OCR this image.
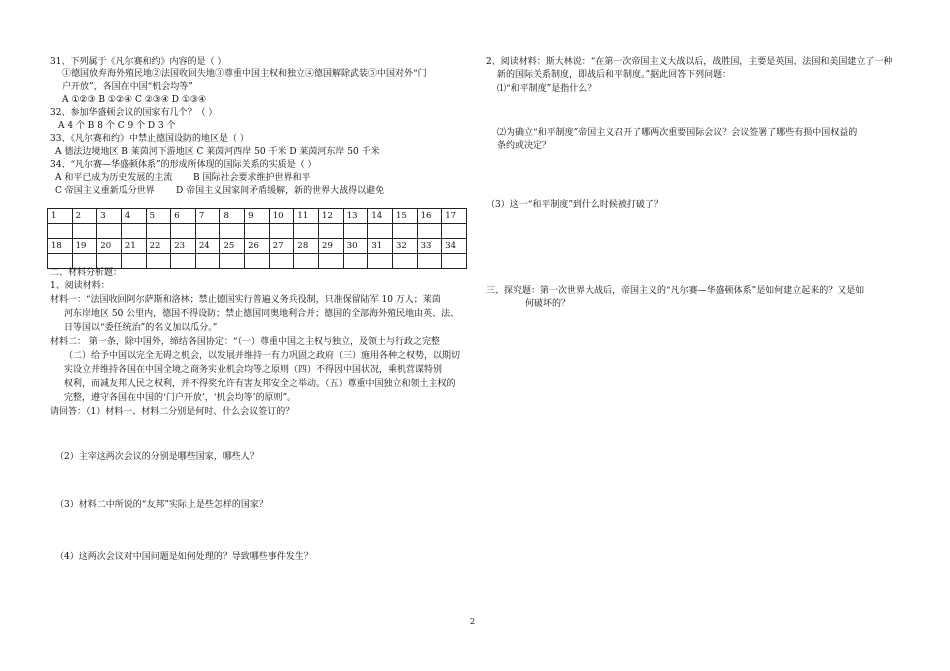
31、下列属于《凡尔赛和约》内容的是（ ）
①德国放弃海外殖民地②法国收回失地③尊重中国主权和独立④德国解除武装⑤中国对外“门
户开放”，各国在中国“机会均等”
A ①②③ B ①②④ C ②③④ D ①③④
32、参加华盛顿会议的国家有几个？（ ）
A 4 个 B 8 个 C 9 个 D 3 个
33、《凡尔赛和约》中禁止德国设防的地区是（ ）
A 德法边境地区 B 莱茵河下游地区 C 莱茵河西岸 50 千米 D 莱茵河东岸 50 千米
34、“凡尔赛—华盛顿体系”的形成所体现的国际关系的实质是（ ）
A 和平已成为历史发展的主流 B 国际社会要求维护世界和平
C 帝国主义重新瓜分世界 D 帝国主义国家间矛盾缓解，新的世界大战得以避免
1	2	3	4	5	6	7	8	9	10	11	12	13	14	15	16	17

18	19	20	21	22	23	24	25	26	27	28	29	30	31	32	33	34

二、材料分析题：
1、阅读材料：
材料一：“法国收回阿尔萨斯和洛林；禁止德国实行普遍义务兵役制，只准保留陆军 10 万人；莱茵
河东岸地区 50 公里内，德国不得设防；禁止德国同奥地利合并；德国的全部海外殖民地由英、法、
日等国以“委任统治”的名义加以瓜分。”
材料二： 第一条，除中国外，缔结各国协定：“（一）尊重中国之主权与独立，及领土与行政之完整
（二）给予中国以完全无碍之机会，以发展并维持一有力巩固之政府（三）施用各种之权势，以期切
实设立并维持各国在中国全境之商务实业机会均等之原则（四）不得因中国状况，乘机营谋特别
权利，而减友邦人民之权利，并不得奖允许有害友邦安全之举动。（五）尊重中国独立和领土主权的
完整，遵守各国在中国的‘门户开放’，‘机会均等’的原则”。
请回答：（1）材料一、材料二分别是何时、什么会议签订的？
（2）主宰这两次会议的分别是哪些国家，哪些人？
（3）材料二中所说的“友邦”实际上是些怎样的国家？
（4）这两次会议对中国问题是如何处理的？导致哪些事件发生？
2、阅读材料：斯大林说：“在第一次帝国主义大战以后，战胜国，主要是英国、法国和美国建立了一种
新的国际关系制度，即战后和平制度。”据此回答下列问题：
⑴“和平制度”是指什么？
⑵为确立“和平制度”帝国主义召开了哪两次重要国际会议？会议签署了哪些有损中国权益的
条约或决定？
（3）这一“和平制度”到什么时候被打破了？
三、探究题：第一次世界大战后，帝国主义的“凡尔赛—华盛顿体系”是如何建立起来的？又是如
何破坏的？
2
